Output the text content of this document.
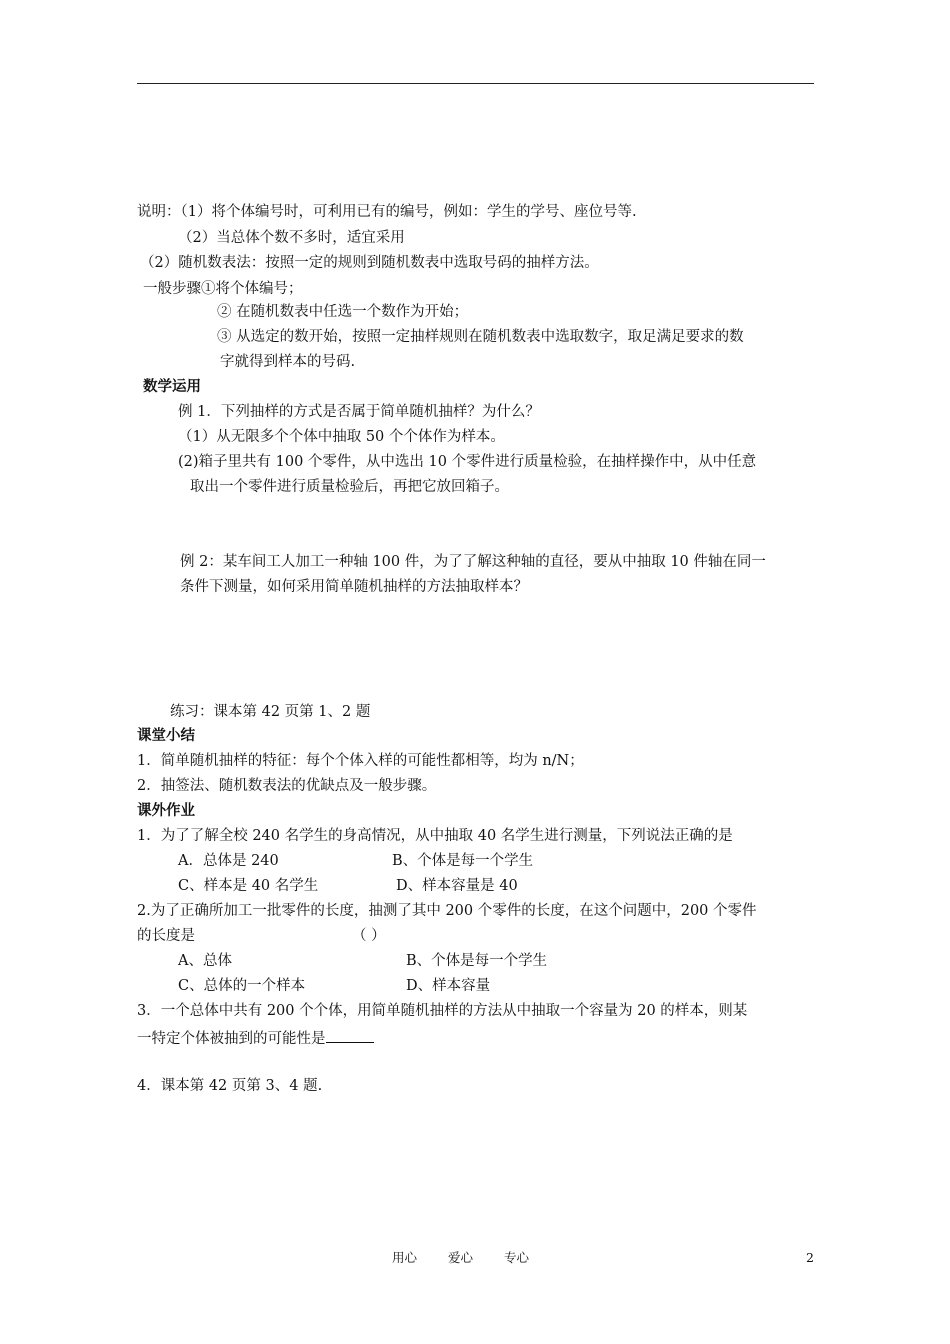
说明：（1）将个体编号时，可利用已有的编号，例如：学生的学号、座位号等.
（2）当总体个数不多时，适宜采用
（2）随机数表法：按照一定的规则到随机数表中选取号码的抽样方法。
一般步骤①将个体编号；
② 在随机数表中任选一个数作为开始；
③ 从选定的数开始，按照一定抽样规则在随机数表中选取数字，取足满足要求的数
字就得到样本的号码.
数学运用
例 1．下列抽样的方式是否属于简单随机抽样？为什么？
（1）从无限多个个体中抽取 50 个个体作为样本。
(2)箱子里共有 100 个零件，从中选出 10 个零件进行质量检验，在抽样操作中，从中任意
取出一个零件进行质量检验后，再把它放回箱子。
例 2：某车间工人加工一种轴 100 件，为了了解这种轴的直径，要从中抽取 10 件轴在同一
条件下测量，如何采用简单随机抽样的方法抽取样本？
练习：课本第 42 页第 1、2 题
课堂小结
1．简单随机抽样的特征：每个个体入样的可能性都相等，均为 n/N；
2．抽签法、随机数表法的优缺点及一般步骤。
课外作业
1．为了了解全校 240 名学生的身高情况，从中抽取 40 名学生进行测量，下列说法正确的是
A．总体是 240	B、个体是每一个学生
C、样本是 40 名学生	D、样本容量是 40
2.为了正确所加工一批零件的长度，抽测了其中 200 个零件的长度，在这个问题中，200 个零件
的长度是	（ ）
A、总体	B、个体是每一个学生
C、总体的一个样本	D、样本容量
3．一个总体中共有 200 个个体，用简单随机抽样的方法从中抽取一个容量为 20 的样本，则某
一特定个体被抽到的可能性是
4．课本第 42 页第 3、4 题.
用心 爱心 专心	2
